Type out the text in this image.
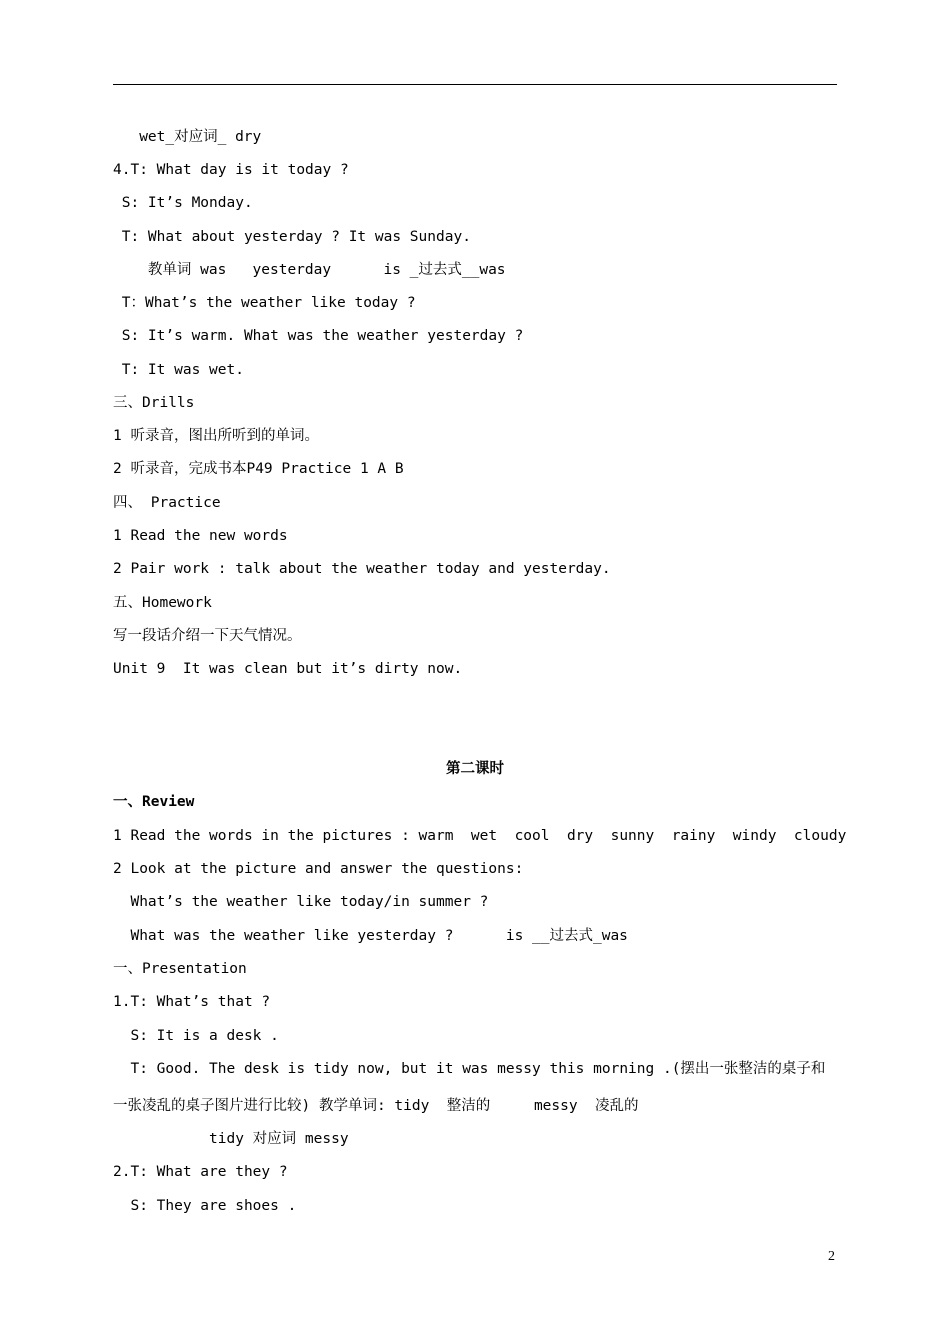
wet_对应词_ dry
4.T: What day is it today ?
S: It’s Monday.
T: What about yesterday ? It was Sunday.
教单词 was   yesterday      is _过去式__was
T：What’s the weather like today ?
S: It’s warm. What was the weather yesterday ?
T: It was wet.
三、Drills
1 听录音，图出所听到的单词。
2 听录音，完成书本P49 Practice 1 A B
四、 Practice
1 Read the new words
2 Pair work : talk about the weather today and yesterday.
五、Homework
写一段话介绍一下天气情况。
Unit 9  It was clean but it’s dirty now.
第二课时
一、Review
1 Read the words in the pictures : warm  wet  cool  dry  sunny  rainy  windy  cloudy
2 Look at the picture and answer the questions:
What’s the weather like today/in summer ?
What was the weather like yesterday ?      is __过去式_was
一、Presentation
1.T: What’s that ?
S: It is a desk .
T: Good. The desk is tidy now, but it was messy this morning .(摆出一张整洁的桌子和
一张凌乱的桌子图片进行比较) 教学单词: tidy  整洁的     messy  凌乱的
tidy 对应词 messy
2.T: What are they ?
S: They are shoes .
2
